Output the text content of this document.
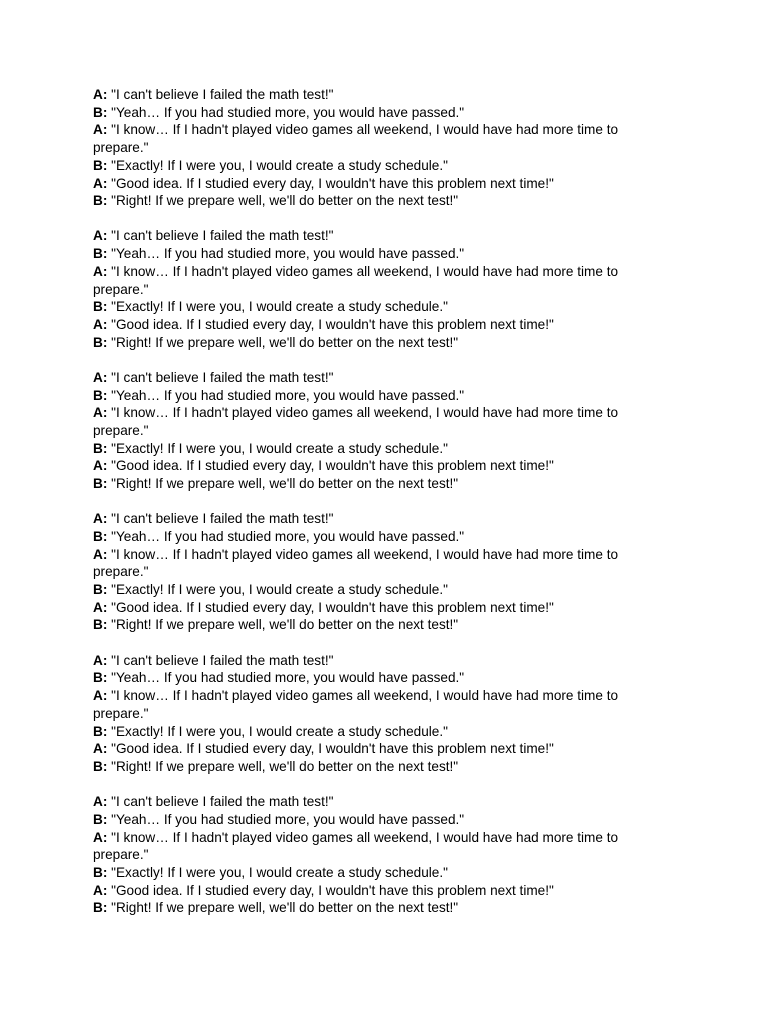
A: "I can't believe I failed the math test!"

B: "Yeah… If you had studied more, you would have passed."

A: "I know… If I hadn't played video games all weekend, I would have had more time to prepare."

B: "Exactly! If I were you, I would create a study schedule."

A: "Good idea. If I studied every day, I wouldn't have this problem next time!"

B: "Right! If we prepare well, we'll do better on the next test!"

A: "I can't believe I failed the math test!"

B: "Yeah… If you had studied more, you would have passed."

A: "I know… If I hadn't played video games all weekend, I would have had more time to prepare."

B: "Exactly! If I were you, I would create a study schedule."

A: "Good idea. If I studied every day, I wouldn't have this problem next time!"

B: "Right! If we prepare well, we'll do better on the next test!"

A: "I can't believe I failed the math test!"

B: "Yeah… If you had studied more, you would have passed."

A: "I know… If I hadn't played video games all weekend, I would have had more time to prepare."

B: "Exactly! If I were you, I would create a study schedule."

A: "Good idea. If I studied every day, I wouldn't have this problem next time!"

B: "Right! If we prepare well, we'll do better on the next test!"

A: "I can't believe I failed the math test!"

B: "Yeah… If you had studied more, you would have passed."

A: "I know… If I hadn't played video games all weekend, I would have had more time to prepare."

B: "Exactly! If I were you, I would create a study schedule."

A: "Good idea. If I studied every day, I wouldn't have this problem next time!"

B: "Right! If we prepare well, we'll do better on the next test!"

A: "I can't believe I failed the math test!"

B: "Yeah… If you had studied more, you would have passed."

A: "I know… If I hadn't played video games all weekend, I would have had more time to prepare."

B: "Exactly! If I were you, I would create a study schedule."

A: "Good idea. If I studied every day, I wouldn't have this problem next time!"

B: "Right! If we prepare well, we'll do better on the next test!"

A: "I can't believe I failed the math test!"

B: "Yeah… If you had studied more, you would have passed."

A: "I know… If I hadn't played video games all weekend, I would have had more time to prepare."

B: "Exactly! If I were you, I would create a study schedule."

A: "Good idea. If I studied every day, I wouldn't have this problem next time!"

B: "Right! If we prepare well, we'll do better on the next test!"
